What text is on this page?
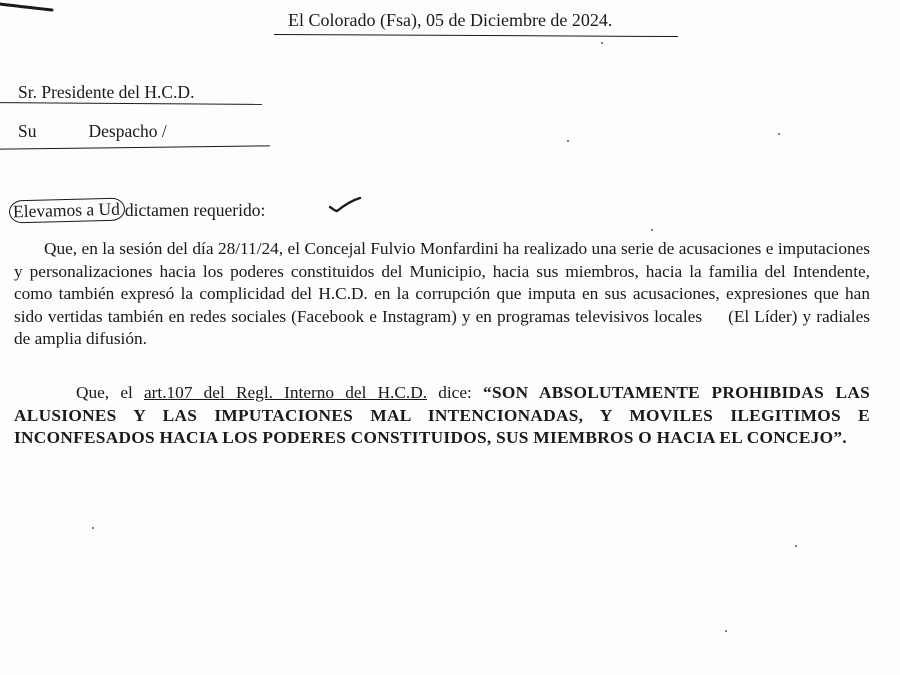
El Colorado (Fsa), 05 de Diciembre de 2024.
Sr. Presidente del H.C.D.
Su	Despacho /
Elevamos a Ud dictamen requerido:
Que, en la sesión del día 28/11/24, el Concejal Fulvio Monfardini ha realizado una serie de acusaciones e imputaciones y personalizaciones hacia los poderes constituidos del Municipio, hacia sus miembros, hacia la familia del Intendente, como también expresó la complicidad del H.C.D. en la corrupción que imputa en sus acusaciones, expresiones que han sido vertidas también en redes sociales (Facebook e Instagram) y en programas televisivos locales (El Líder) y radiales de amplia difusión.
Que, el art.107 del Regl. Interno del H.C.D. dice: “SON ABSOLUTAMENTE PROHIBIDAS LAS ALUSIONES Y LAS IMPUTACIONES MAL INTENCIONADAS, Y MOVILES ILEGITIMOS E INCONFESADOS HACIA LOS PODERES CONSTITUIDOS, SUS MIEMBROS O HACIA EL CONCEJO”.
